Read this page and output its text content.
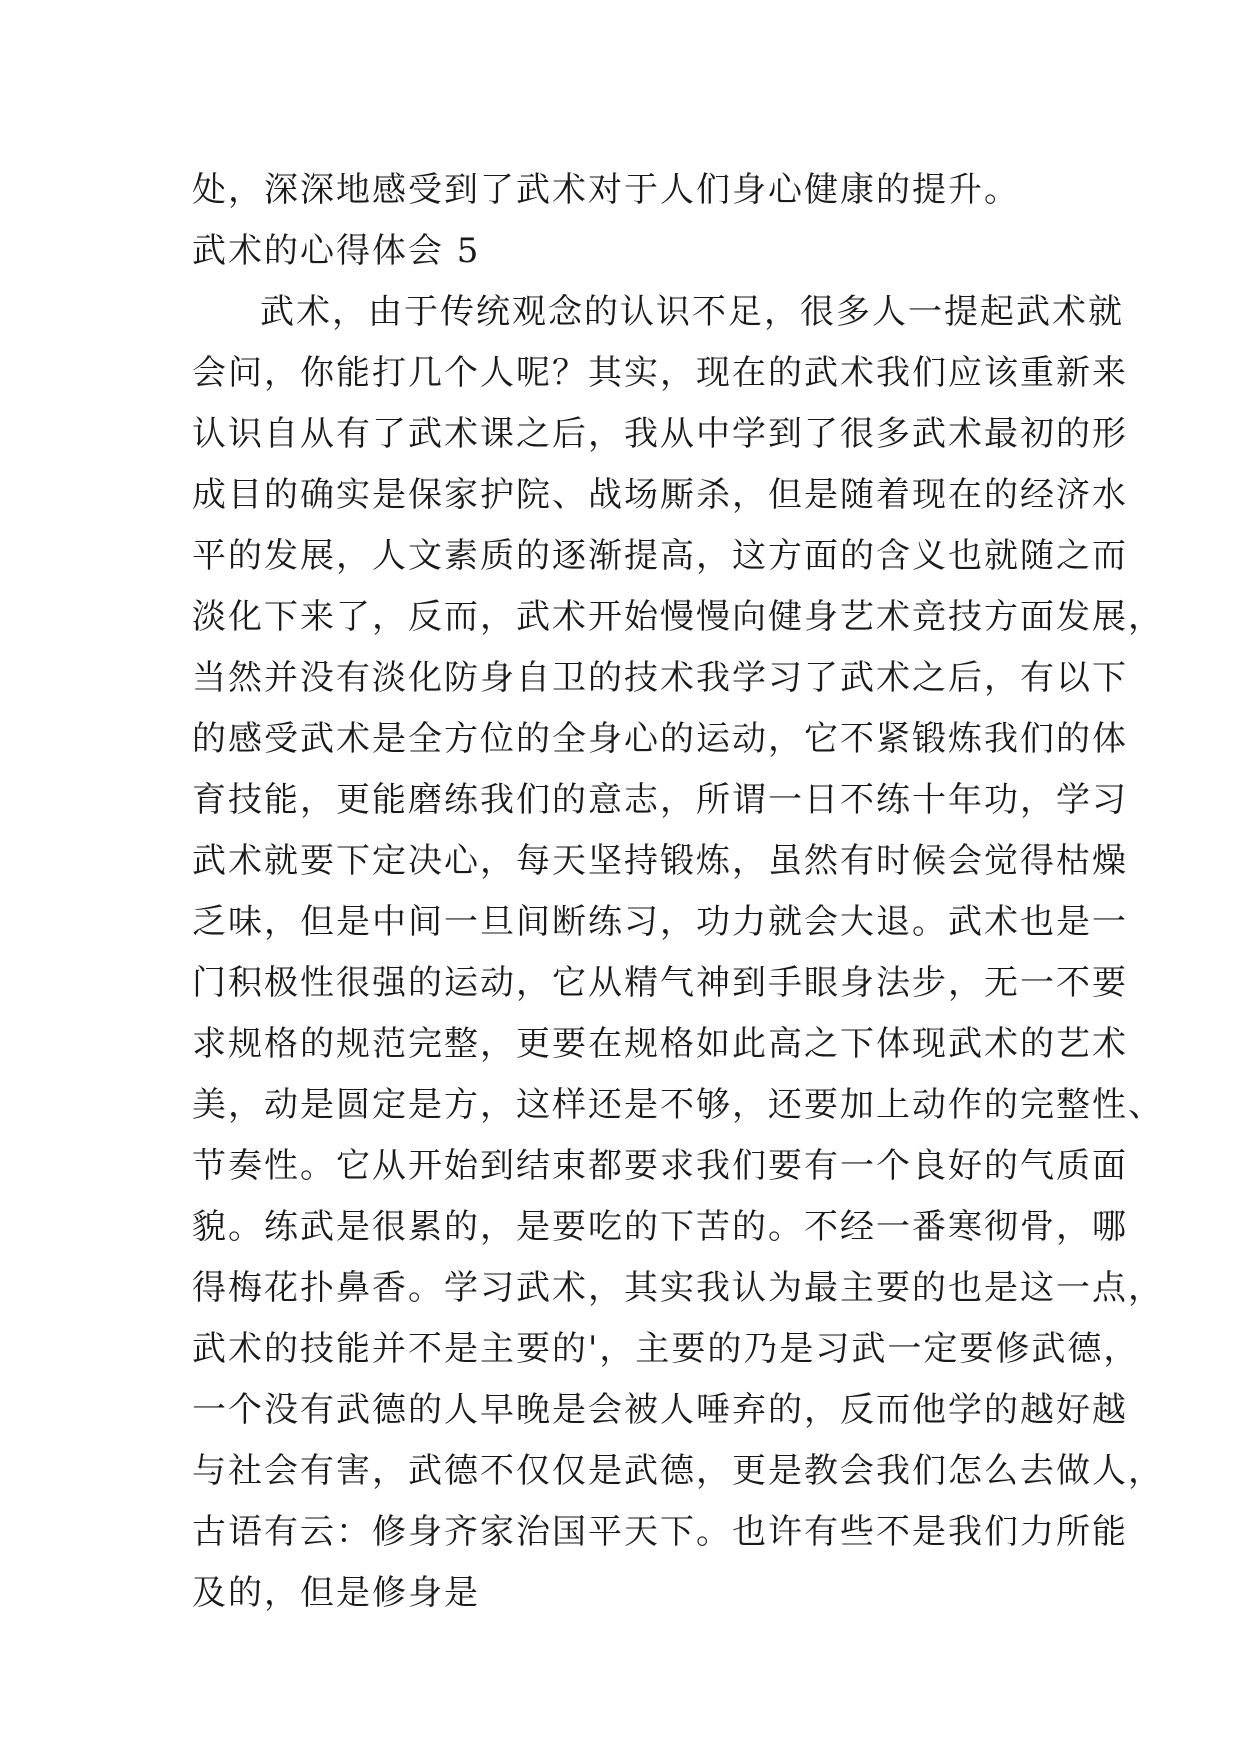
处，深深地感受到了武术对于人们身心健康的提升。
武术的心得体会 5
武术，由于传统观念的认识不足，很多人一提起武术就
会问，你能打几个人呢？其实，现在的武术我们应该重新来
认识自从有了武术课之后，我从中学到了很多武术最初的形
成目的确实是保家护院、战场厮杀，但是随着现在的经济水
平的发展，人文素质的逐渐提高，这方面的含义也就随之而
淡化下来了，反而，武术开始慢慢向健身艺术竞技方面发展，
当然并没有淡化防身自卫的技术我学习了武术之后，有以下
的感受武术是全方位的全身心的运动，它不紧锻炼我们的体
育技能，更能磨练我们的意志，所谓一日不练十年功，学习
武术就要下定决心，每天坚持锻炼，虽然有时候会觉得枯燥
乏味，但是中间一旦间断练习，功力就会大退。武术也是一
门积极性很强的运动，它从精气神到手眼身法步，无一不要
求规格的规范完整，更要在规格如此高之下体现武术的艺术
美，动是圆定是方，这样还是不够，还要加上动作的完整性、
节奏性。它从开始到结束都要求我们要有一个良好的气质面
貌。练武是很累的，是要吃的下苦的。不经一番寒彻骨，哪
得梅花扑鼻香。学习武术，其实我认为最主要的也是这一点，
武术的技能并不是主要的'，主要的乃是习武一定要修武德，
一个没有武德的人早晚是会被人唾弃的，反而他学的越好越
与社会有害，武德不仅仅是武德，更是教会我们怎么去做人，
古语有云：修身齐家治国平天下。也许有些不是我们力所能
及的，但是修身是
